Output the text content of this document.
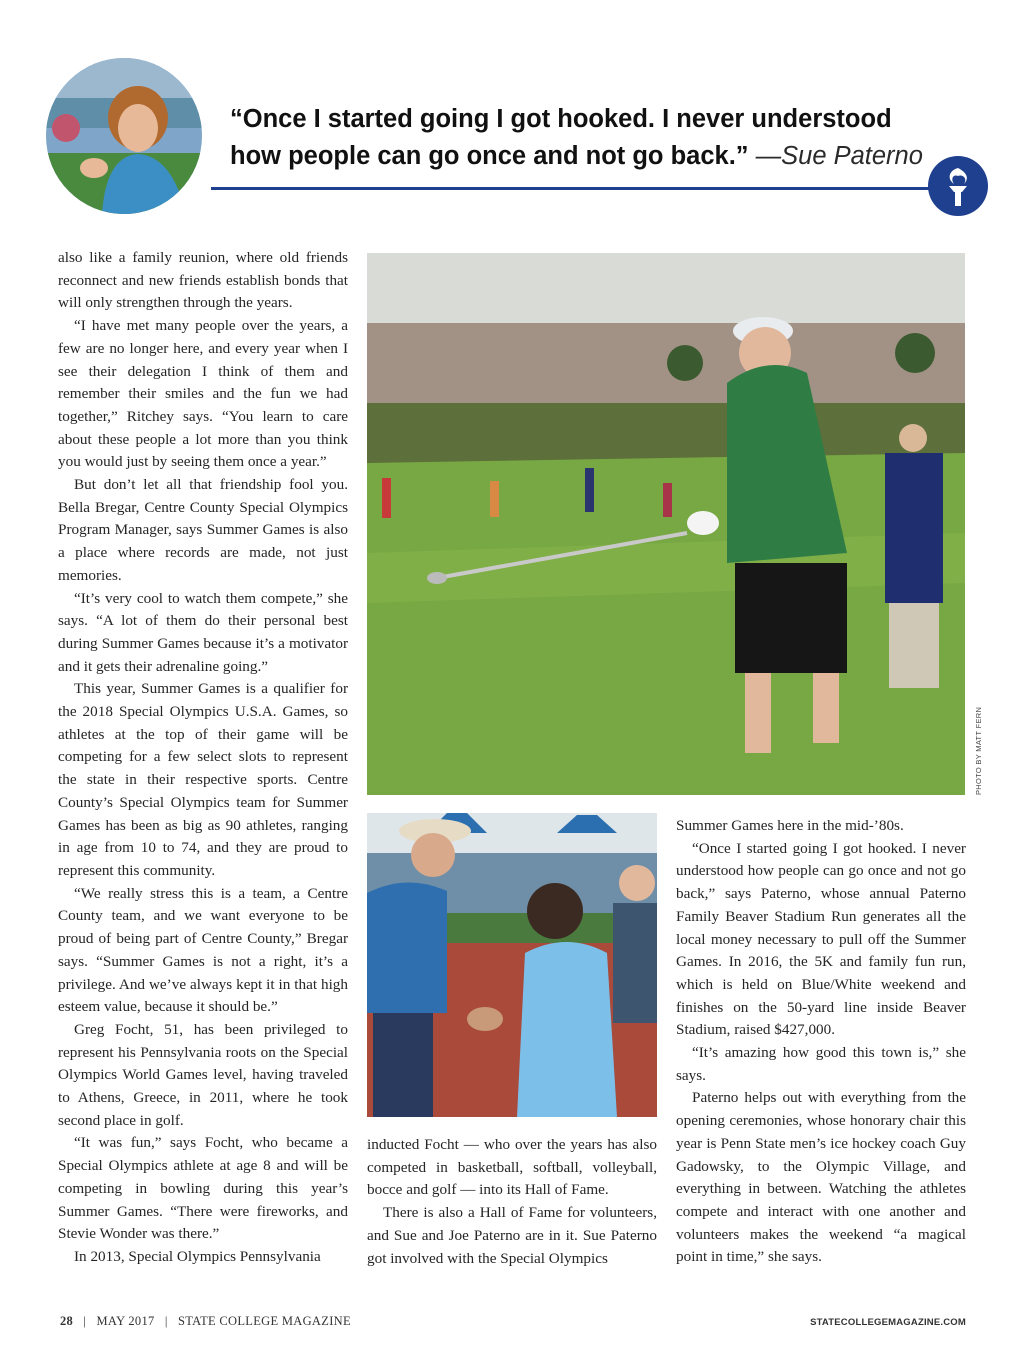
“Once I started going I got hooked. I never understood how people can go once and not go back.” —Sue Paterno

also like a family reunion, where old friends reconnect and new friends establish bonds that will only strengthen through the years.

“I have met many people over the years, a few are no longer here, and every year when I see their delegation I think of them and remember their smiles and the fun we had together,” Ritchey says. “You learn to care about these people a lot more than you think you would just by seeing them once a year.”

But don’t let all that friendship fool you. Bella Bregar, Centre County Special Olympics Program Manager, says Summer Games is also a place where records are made, not just memories.

“It’s very cool to watch them compete,” she says. “A lot of them do their personal best during Summer Games because it’s a motivator and it gets their adrenaline going.”

This year, Summer Games is a qualifier for the 2018 Special Olympics U.S.A. Games, so athletes at the top of their game will be competing for a few select slots to represent the state in their respective sports. Centre County’s Special Olympics team for Summer Games has been as big as 90 athletes, ranging in age from 10 to 74, and they are proud to represent this community.

“We really stress this is a team, a Centre County team, and we want everyone to be proud of being part of Centre County,” Bregar says. “Summer Games is not a right, it’s a privilege. And we’ve always kept it in that high esteem value, because it should be.”

Greg Focht, 51, has been privileged to represent his Pennsylvania roots on the Special Olympics World Games level, having traveled to Athens, Greece, in 2011, where he took second place in golf.

“It was fun,” says Focht, who became a Special Olympics athlete at age 8 and will be competing in bowling during this year’s Summer Games. “There were fireworks, and Stevie Wonder was there.”

In 2013, Special Olympics Pennsylvania

PHOTO BY MATT FERN

inducted Focht — who over the years has also competed in basketball, softball, volleyball, bocce and golf — into its Hall of Fame.

There is also a Hall of Fame for volunteers, and Sue and Joe Paterno are in it. Sue Paterno got involved with the Special Olympics

Summer Games here in the mid-’80s.

“Once I started going I got hooked. I never understood how people can go once and not go back,” says Paterno, whose annual Paterno Family Beaver Stadium Run generates all the local money necessary to pull off the Summer Games. In 2016, the 5K and family fun run, which is held on Blue/White weekend and finishes on the 50-yard line inside Beaver Stadium, raised $427,000.

“It’s amazing how good this town is,” she says.

Paterno helps out with everything from the opening ceremonies, whose honorary chair this year is Penn State men’s ice hockey coach Guy Gadowsky, to the Olympic Village, and everything in between. Watching the athletes compete and interact with one another and volunteers makes the weekend “a magical point in time,” she says.

28   |   MAY 2017   |   STATE COLLEGE MAGAZINE	STATECOLLEGEMAGAZINE.COM
